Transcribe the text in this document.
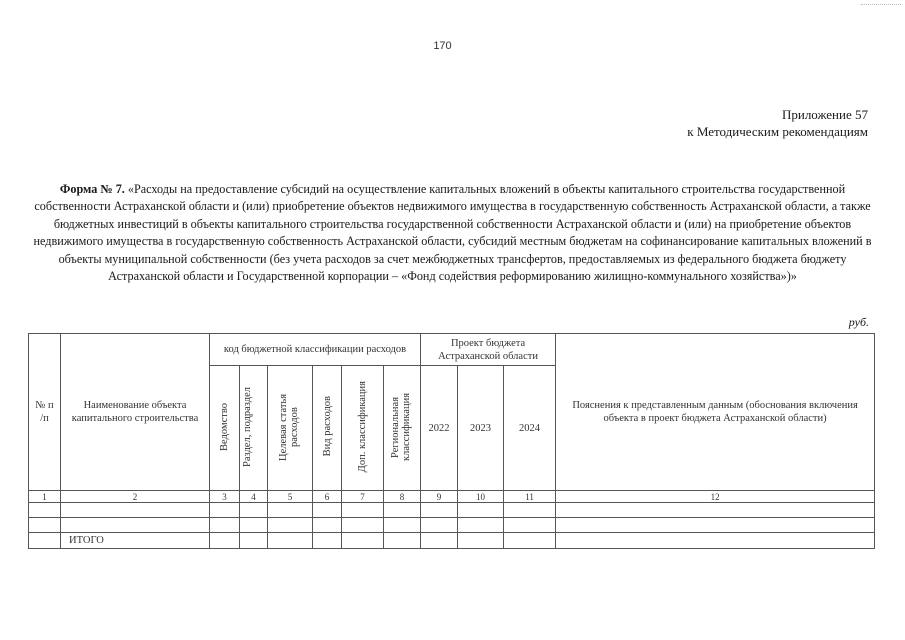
170
Приложение 57
к Методическим рекомендациям
Форма № 7. «Расходы на предоставление субсидий на осуществление капитальных вложений в объекты капитального строительства государственной собственности Астраханской области и (или) приобретение объектов недвижимого имущества в государственную собственность Астраханской области, а также бюджетных инвестиций в объекты капитального строительства государственной собственности Астраханской области и (или) на приобретение объектов недвижимого имущества в государственную собственность Астраханской области, субсидий местным бюджетам на софинансирование капитальных вложений в объекты муниципальной собственности (без учета расходов за счет межбюджетных трансфертов, предоставляемых из федерального бюджета бюджету Астраханской области и Государственной корпорации – «Фонд содействия реформированию жилищно-коммунального хозяйства»)»
руб.
№ п /п	Наименование объекта капитального строительства	код бюджетной классификации расходов						Проект бюджета Астраханской области			Пояснения к представленным данным (обоснования включения объекта в проект бюджета Астраханской области)

		Ведомство	Раздел, подраздел	Целевая статья расходов	Вид расходов	Доп. классификация	Региональная классификация	2022	2023	2024	
1	2	3	4	5	6	7	8	9	10	11	12

	ИТОГО										
